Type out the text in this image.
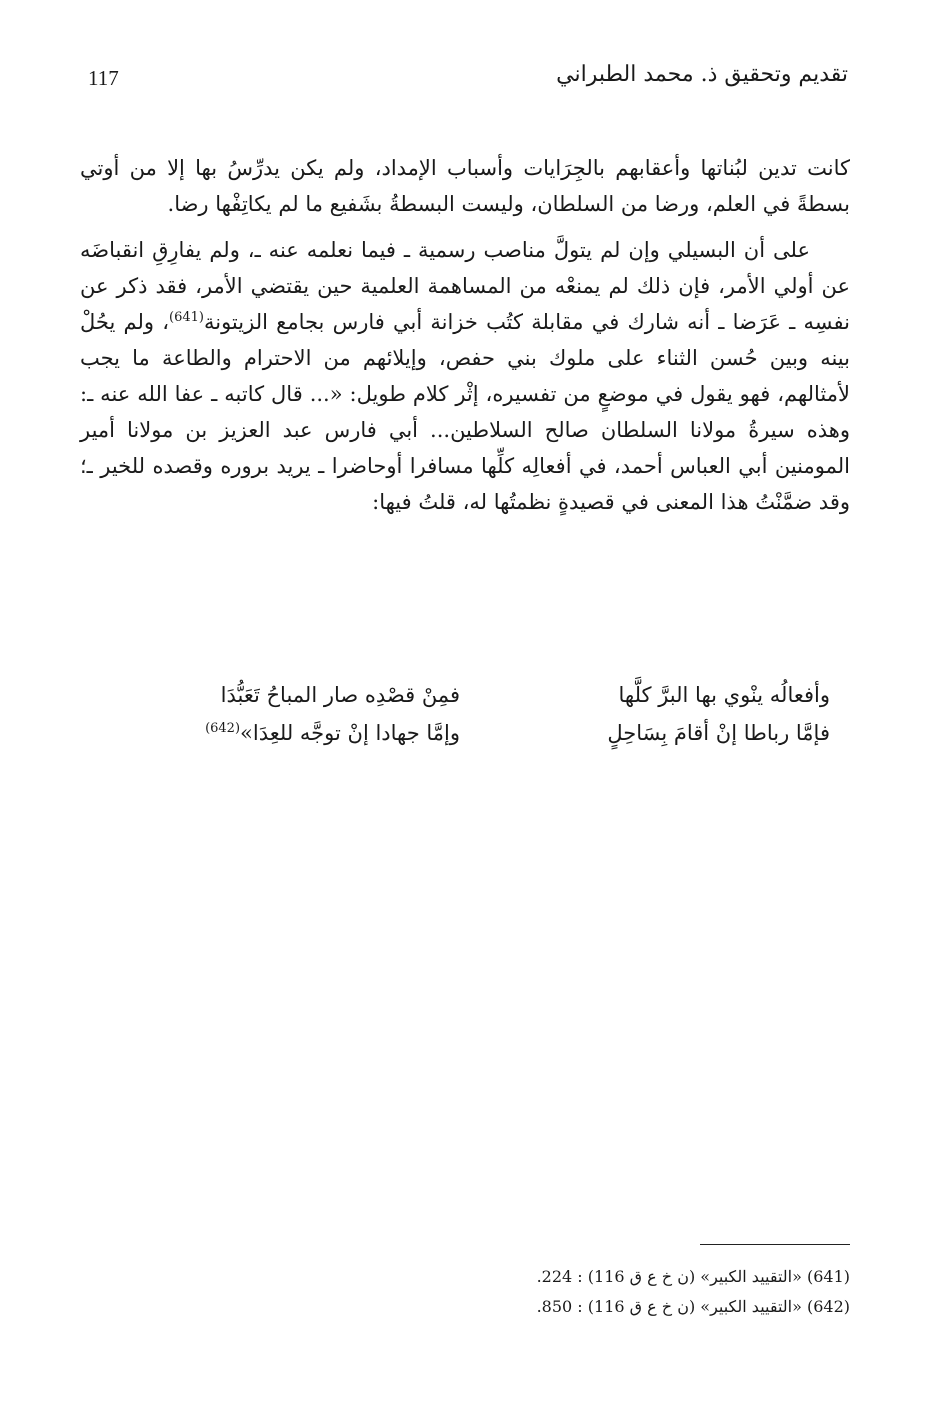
117	تقديم وتحقيق ذ. محمد الطبراني

كانت تدين لبُناتها وأعقابهم بالجِرَايات وأسباب الإمداد، ولم يكن يدرِّسُ بها إلا من أوتي بسطةً في العلم، ورضا من السلطان، وليست البسطةُ بشَفيع ما لم يكاتِفْها رضا.

على أن البسيلي وإن لم يتولَّ مناصب رسمية ـ فيما نعلمه عنه ـ، ولم يفارِقِ انقباضَه عن أولي الأمر، فإن ذلك لم يمنعْه من المساهمة العلمية حين يقتضي الأمر، فقد ذكر عن نفسِه ـ عَرَضا ـ أنه شارك في مقابلة كتُب خزانة أبي فارس بجامع الزيتونة$^{(641)}$، ولم يحُلْ بينه وبين حُسن الثناء على ملوك بني حفص، وإيلائهم من الاحترام والطاعة ما يجب لأمثالهم، فهو يقول في موضعٍ من تفسيره، إثْر كلام طويل: «... قال كاتبه ـ عفا الله عنه ـ: وهذه سيرةُ مولانا السلطان صالح السلاطين... أبي فارس عبد العزيز بن مولانا أمير المومنين أبي العباس أحمد، في أفعالِه كلِّها مسافرا أوحاضرا ـ يريد بروره وقصده للخير ـ؛ وقد ضمَّنْتُ هذا المعنى في قصيدةٍ نظمتُها له، قلتُ فيها:

وأفعالُه ينْوي بها البرَّ كلَّها
فمِنْ قصْدِه صار المباحُ تَعَبُّدَا
فإمَّا رباطا إنْ أقامَ بِسَاحِلٍ
وإمَّا جهادا إنْ توجَّه للعِدَا»$^{(642)}$

(641) «التقييد الكبير» (ن خ ع ق 116) : 224.

(642) «التقييد الكبير» (ن خ ع ق 116) : 850.
